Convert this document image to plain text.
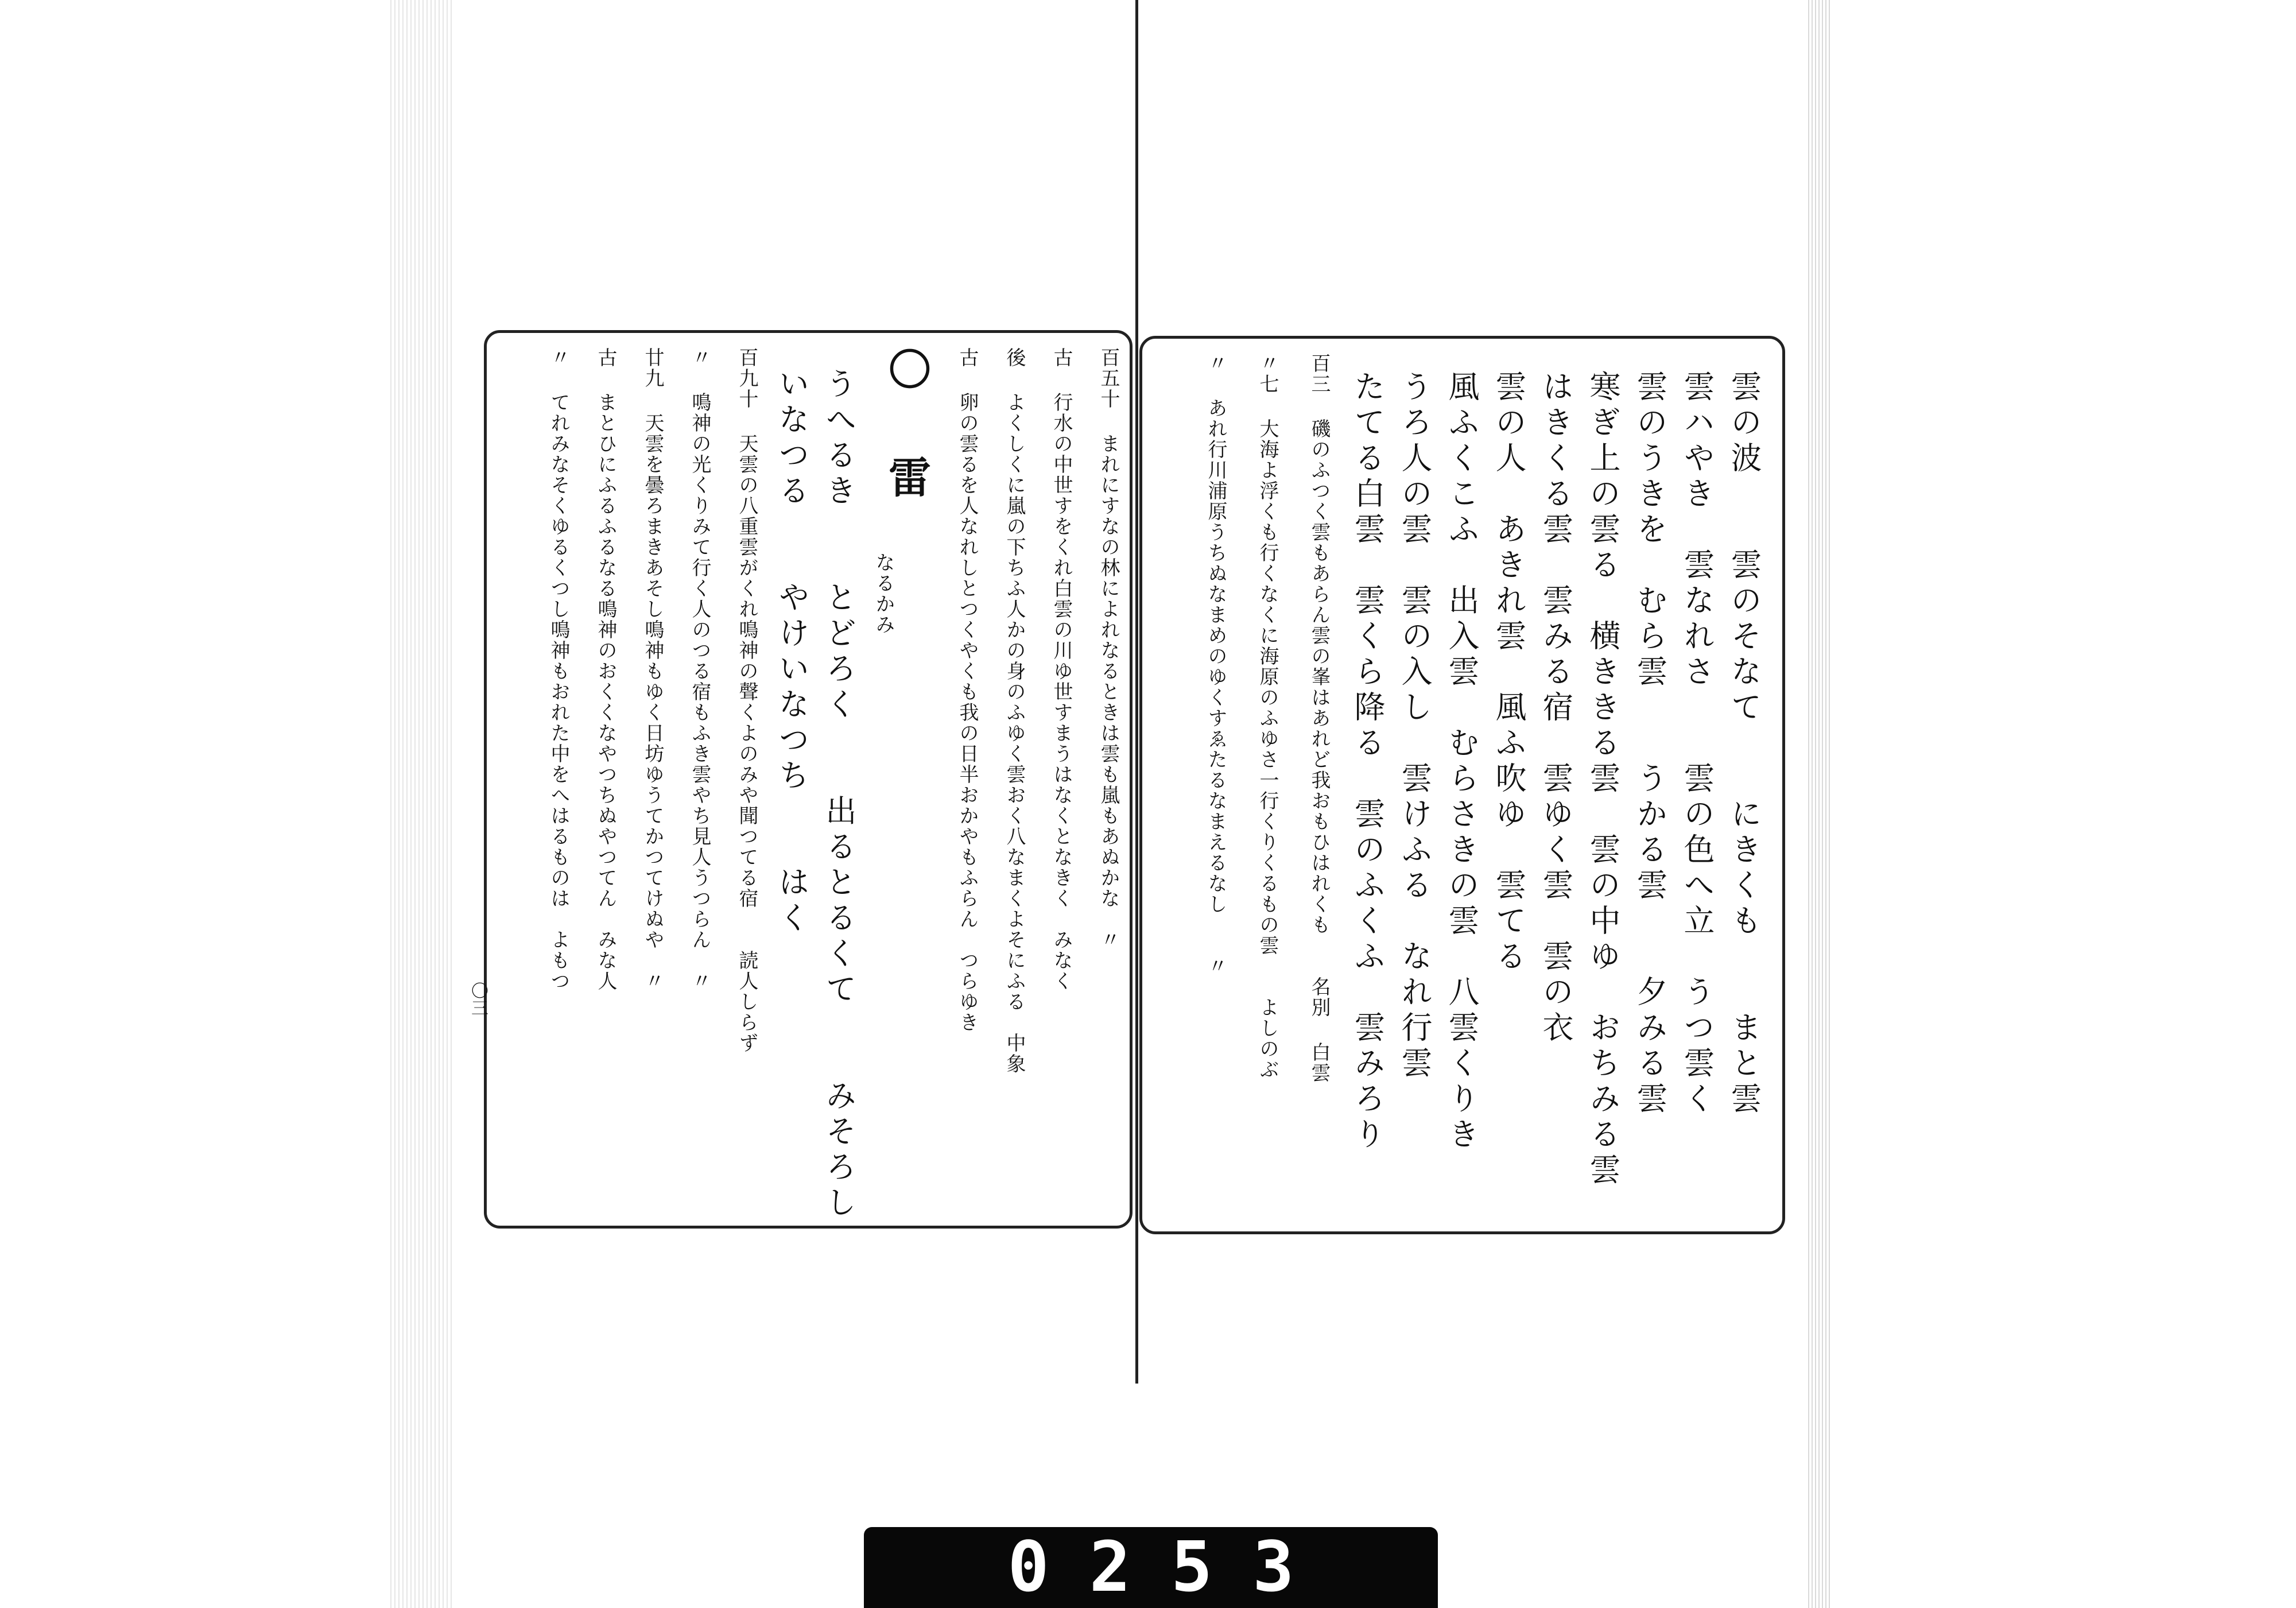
雲の波　　雲のそなて　　にきくも　　まと雲
雲ハやき　雲なれさ　　雲の色へ立　うつ雲く
雲のうきを　むら雲　　うかる雲　　夕みる雲
寒ぎ上の雲る　横ききる雲　雲の中ゆ　おちみる雲
はきくる雲　雲みる宿　雲ゆく雲　雲の衣
雲の人　あきれ雲　風ふ吹ゆ　雲てる
風ふくこふ　出入雲　むらさきの雲　八雲くりき
うろ人の雲　雲の入し　雲けふる　なれ行雲
たてる白雲　雲くら降る　雲のふくふ　雲みろり
百三 磯のふつく雲もあらん雲の峯はあれど我おもひはれくも　　名別 白雲
〃七 大海よ浮くも行くなくに海原のふゆさ一行くりくるもの雲　　よしのぶ
〃 あれ行川浦原うちぬなまめのゆくすゑたるなまえるなし　　〃
百五十 まれにすなの林によれなるときは雲も嵐もあぬかな　〃
古 行水の中世すをくれ白雲の川ゆ世すまうはなくとなきく　みなく
後 よくしくに嵐の下ちふ人かの身のふゆく雲おく八なまくよそにふる　中象
古 卵の雲るを人なれしとつくやくも我の日半おかやもふらん　つらゆき
〇 雷
　　なるかみ
うへるき　　とどろく　　出るとるくて　　みそろし
いなつる　　やけいなつち　　はく
百九十 天雲の八重雲がくれ鳴神の聲くよのみや聞つてる宿　　読人しらず
〃 鳴神の光くりみて行く人のつる宿もふき雲やち見人うつらん　〃
廿九 天雲を曇ろまきあそし鳴神もゆく日坊ゆうてかつてけぬや　〃
古 まとひにふるふるなる鳴神のおくくなやつちぬやつてん　みな人
〃 てれみなそくゆるくつし鳴神もおれた中をへはるものは　よもつ
〇三
0253
